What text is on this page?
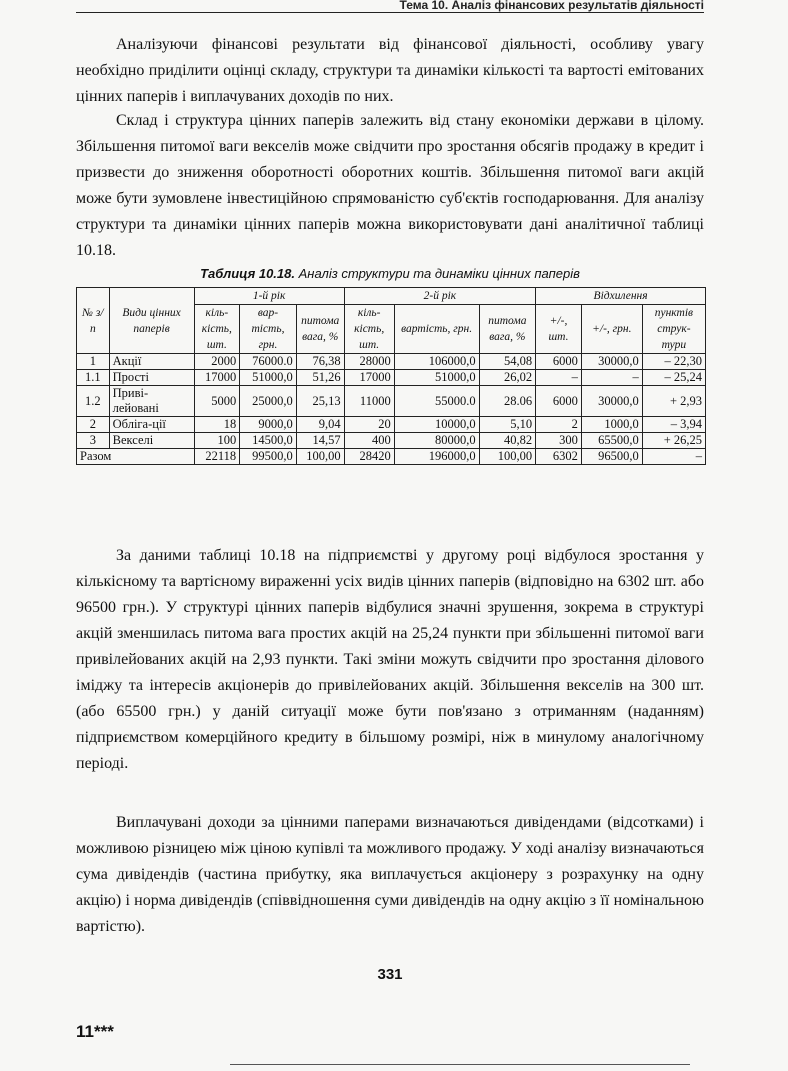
Тема 10. Аналіз фінансових результатів діяльності

Аналізуючи фінансові результати від фінансової діяльності, особливу увагу необхідно приділити оцінці складу, структури та динаміки кількості та вартості емітованих цінних паперів і виплачуваних доходів по них.

Склад і структура цінних паперів залежить від стану економіки держави в цілому. Збільшення питомої ваги векселів може свідчити про зростання обсягів продажу в кредит і призвести до зниження оборотності оборотних коштів. Збільшення питомої ваги акцій може бути зумовлене інвестиційною спрямованістю суб'єктів господарювання. Для аналізу структури та динаміки цінних паперів можна використовувати дані аналітичної таблиці 10.18.

Таблиця 10.18. Аналіз структури та динаміки цінних паперів
№ з/п	Види цінних паперів	1-й рік			2-й рік			Відхилення		
		кіль-кість, шт.	вар-тість, грн.	питома вага, %	кіль-кість, шт.	вартість, грн.	питома вага, %	+/-, шт.	+/-, грн.	пунктів струк-тури
1	Акції	2000	76000.0	76,38	28000	106000,0	54,08	6000	30000,0	– 22,30
1.1	Прості	17000	51000,0	51,26	17000	51000,0	26,02	–	–	– 25,24
1.2	Приві-лейовані	5000	25000,0	25,13	11000	55000.0	28.06	6000	30000,0	+ 2,93
2	Облігa-ції	18	9000,0	9,04	20	10000,0	5,10	2	1000,0	– 3,94
3	Векселі	100	14500,0	14,57	400	80000,0	40,82	300	65500,0	+ 26,25
Разом		22118	99500,0	100,00	28420	196000,0	100,00	6302	96500,0	–

За даними таблиці 10.18 на підприємстві у другому році відбулося зростання у кількісному та вартісному вираженні усіх видів цінних паперів (відповідно на 6302 шт. або 96500 грн.). У структурі цінних паперів відбулися значні зрушення, зокрема в структурі акцій зменшилась питома вага простих акцій на 25,24 пункти при збільшенні питомої ваги привілейованих акцій на 2,93 пункти. Такі зміни можуть свідчити про зростання ділового іміджу та інтересів акціонерів до привілейованих акцій. Збільшення векселів на 300 шт. (або 65500 грн.) у даній ситуації може бути пов'язано з отриманням (наданням) підприємством комерційного кредиту в більшому розмірі, ніж в минулому аналогічному періоді.

Виплачувані доходи за цінними паперами визначаються дивідендами (відсотками) і можливою різницею між ціною купівлі та можливого продажу. У ході аналізу визначаються сума дивідендів (частина прибутку, яка виплачується акціонеру з розрахунку на одну акцію) і норма дивідендів (співвідношення суми дивідендів на одну акцію з її номінальною вартістю).

331
11***
